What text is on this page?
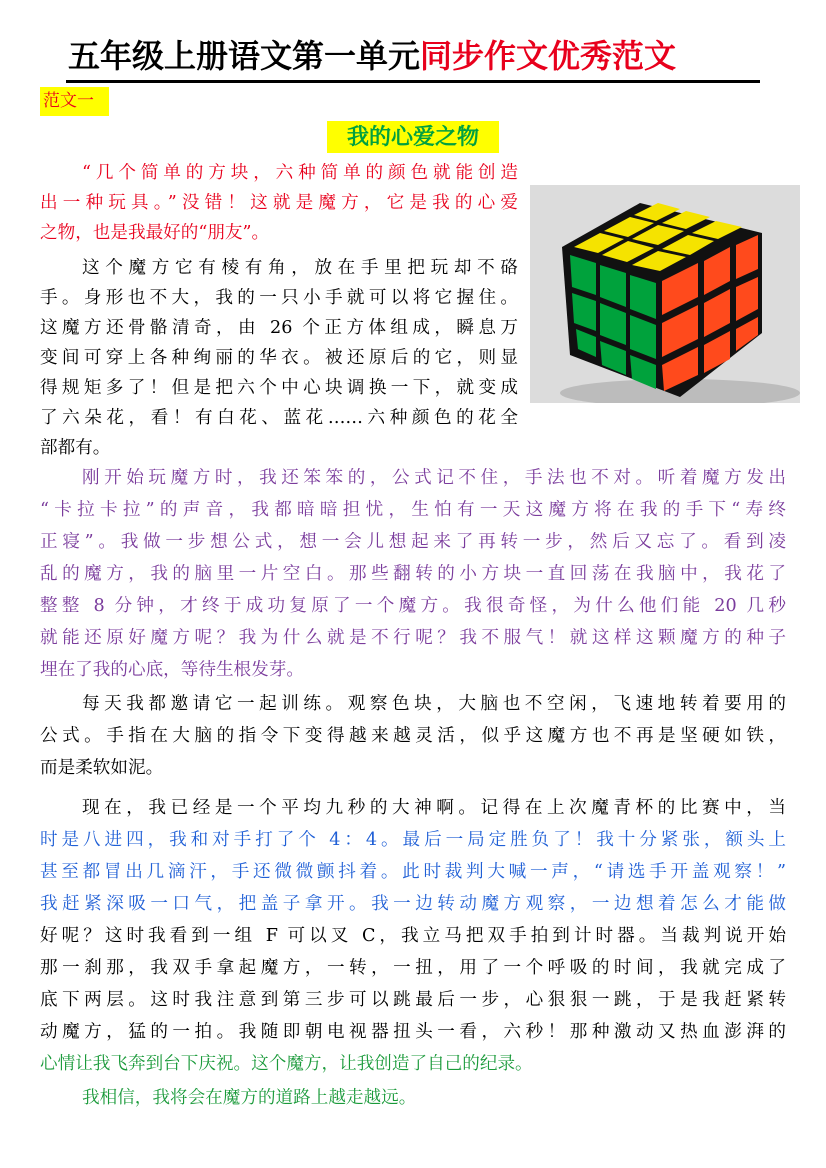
五年级上册语文第一单元同步作文优秀范文
范文一
我的心爱之物
“几个简单的方块，六种简单的颜色就能创造
出一种玩具。”没错！这就是魔方，它是我的心爱
之物，也是我最好的“朋友”。
这个魔方它有棱有角，放在手里把玩却不硌
手。身形也不大，我的一只小手就可以将它握住。
这魔方还骨骼清奇，由 26 个正方体组成，瞬息万
变间可穿上各种绚丽的华衣。被还原后的它，则显
得规矩多了！但是把六个中心块调换一下，就变成
了六朵花，看！有白花、蓝花……六种颜色的花全
部都有。
刚开始玩魔方时，我还笨笨的，公式记不住，手法也不对。听着魔方发出
“卡拉卡拉”的声音，我都暗暗担忧，生怕有一天这魔方将在我的手下“寿终
正寝”。我做一步想公式，想一会儿想起来了再转一步，然后又忘了。看到凌
乱的魔方，我的脑里一片空白。那些翻转的小方块一直回荡在我脑中，我花了
整整 8 分钟，才终于成功复原了一个魔方。我很奇怪，为什么他们能 20 几秒
就能还原好魔方呢？我为什么就是不行呢？我不服气！就这样这颗魔方的种子
埋在了我的心底，等待生根发芽。
每天我都邀请它一起训练。观察色块，大脑也不空闲，飞速地转着要用的
公式。手指在大脑的指令下变得越来越灵活，似乎这魔方也不再是坚硬如铁，
而是柔软如泥。
现在，我已经是一个平均九秒的大神啊。记得在上次魔青杯的比赛中，当
时是八进四，我和对手打了个 4：4。最后一局定胜负了！我十分紧张，额头上
甚至都冒出几滴汗，手还微微颤抖着。此时裁判大喊一声，“请选手开盖观察！”
我赶紧深吸一口气，把盖子拿开。我一边转动魔方观察，一边想着怎么才能做
好呢？这时我看到一组 F 可以叉 C，我立马把双手拍到计时器。当裁判说开始
那一刹那，我双手拿起魔方，一转，一扭，用了一个呼吸的时间，我就完成了
底下两层。这时我注意到第三步可以跳最后一步，心狠狠一跳，于是我赶紧转
动魔方，猛的一拍。我随即朝电视器扭头一看，六秒！那种激动又热血澎湃的
心情让我飞奔到台下庆祝。这个魔方，让我创造了自己的纪录。
我相信，我将会在魔方的道路上越走越远。
